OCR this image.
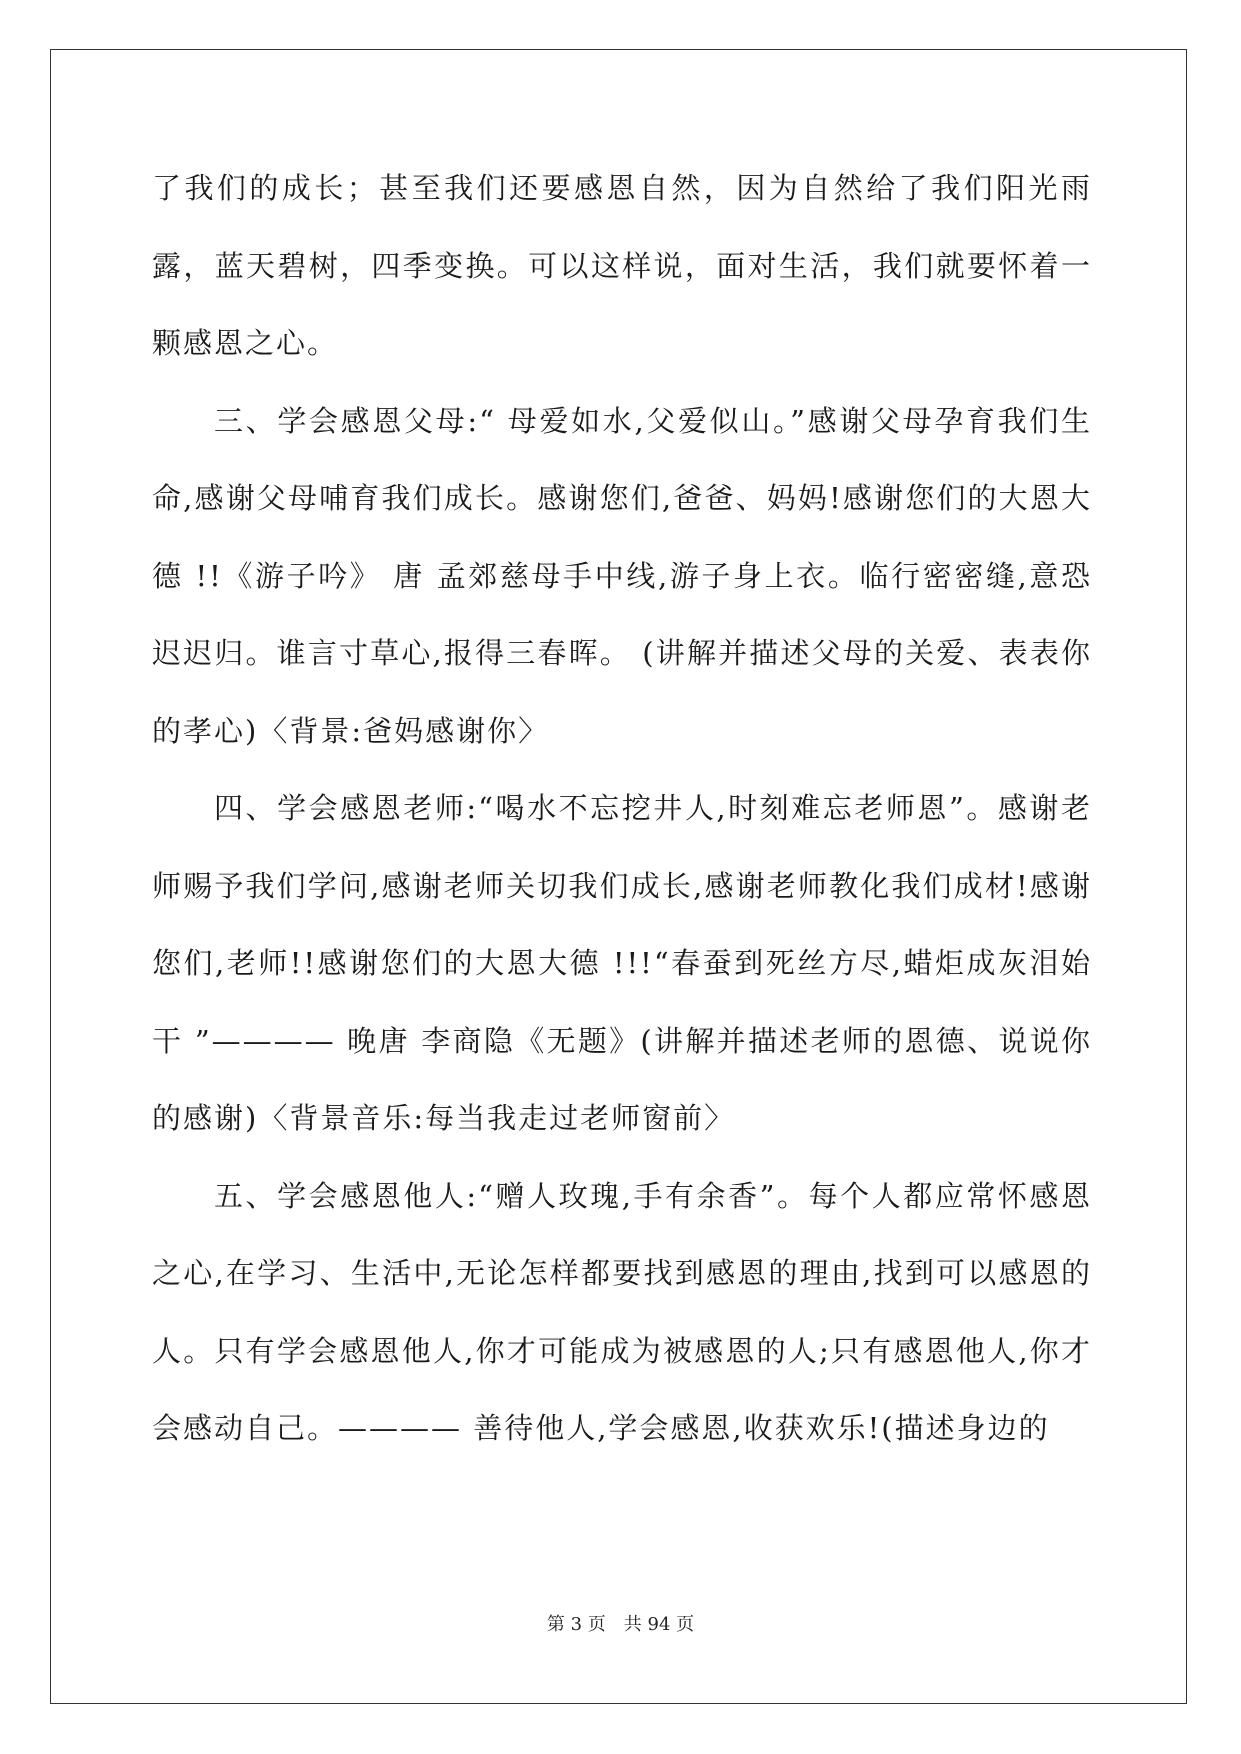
了我们的成长；甚至我们还要感恩自然，因为自然给了我们阳光雨露，蓝天碧树，四季变换。可以这样说，面对生活，我们就要怀着一颗感恩之心。

三、学会感恩父母:“ 母爱如水,父爱似山。”感谢父母孕育我们生命,感谢父母哺育我们成长。感谢您们,爸爸、妈妈!感谢您们的大恩大德 !!《游子吟》 唐 孟郊慈母手中线,游子身上衣。临行密密缝,意恐迟迟归。谁言寸草心,报得三春晖。 (讲解并描述父母的关爱、表表你的孝心)〈背景:爸妈感谢你〉

四、学会感恩老师:“喝水不忘挖井人,时刻难忘老师恩”。感谢老师赐予我们学问,感谢老师关切我们成长,感谢老师教化我们成材!感谢您们,老师!!感谢您们的大恩大德 !!!“春蚕到死丝方尽,蜡炬成灰泪始干 ”———— 晚唐 李商隐《无题》(讲解并描述老师的恩德、说说你的感谢)〈背景音乐:每当我走过老师窗前〉

五、学会感恩他人:“赠人玫瑰,手有余香”。每个人都应常怀感恩之心,在学习、生活中,无论怎样都要找到感恩的理由,找到可以感恩的人。只有学会感恩他人,你才可能成为被感恩的人;只有感恩他人,你才会感动自己。———— 善待他人,学会感恩,收获欢乐!(描述身边的

第 3 页 共 94 页
